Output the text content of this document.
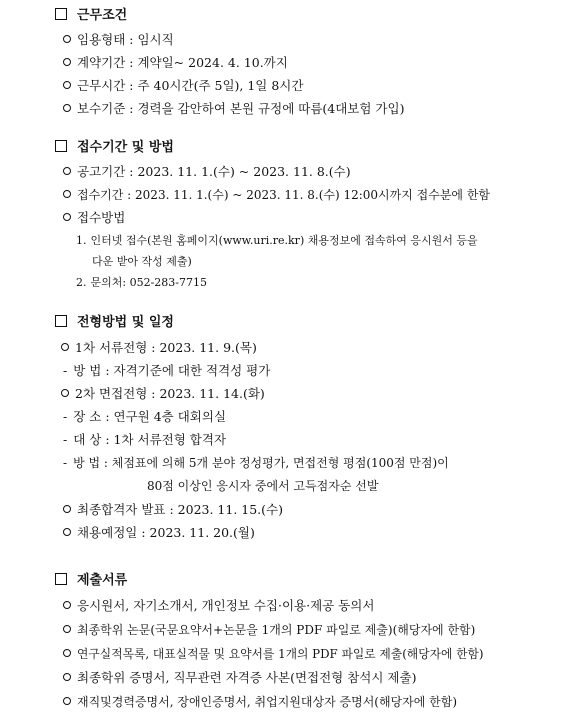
근무조건
임용형태 : 임시직
계약기간 : 계약일~ 2024. 4. 10.까지
근무시간 : 주 40시간(주 5일), 1일 8시간
보수기준 : 경력을 감안하여 본원 규정에 따름(4대보험 가입)
접수기간 및 방법
공고기간 : 2023. 11. 1.(수) ~ 2023. 11. 8.(수)
접수기간 : 2023. 11. 1.(수) ~ 2023. 11. 8.(수) 12:00시까지 접수분에 한함
접수방법
1. 인터넷 접수(본원 홈페이지(www.uri.re.kr) 채용정보에 접속하여 응시원서 등을
다운 받아 작성 제출)
2. 문의처: 052-283-7715
전형방법 및 일정
1차 서류전형 : 2023. 11. 9.(목)
- 방 법 : 자격기준에 대한 적격성 평가
2차 면접전형 : 2023. 11. 14.(화)
- 장 소 : 연구원 4층 대회의실
- 대 상 : 1차 서류전형 합격자
- 방 법 : 체점표에 의해 5개 분야 정성평가, 면접전형 평점(100점 만점)이
80점 이상인 응시자 중에서 고득점자순 선발
최종합격자 발표 : 2023. 11. 15.(수)
채용예정일 : 2023. 11. 20.(월)
제출서류
응시원서, 자기소개서, 개인정보 수집·이용·제공 동의서
최종학위 논문(국문요약서+논문을 1개의 PDF 파일로 제출)(해당자에 한함)
연구실적목록, 대표실적물 및 요약서를 1개의 PDF 파일로 제출(해당자에 한함)
최종학위 증명서, 직무관련 자격증 사본(면접전형 참석시 제출)
재직및경력증명서, 장애인증명서, 취업지원대상자 증명서(해당자에 한함)
